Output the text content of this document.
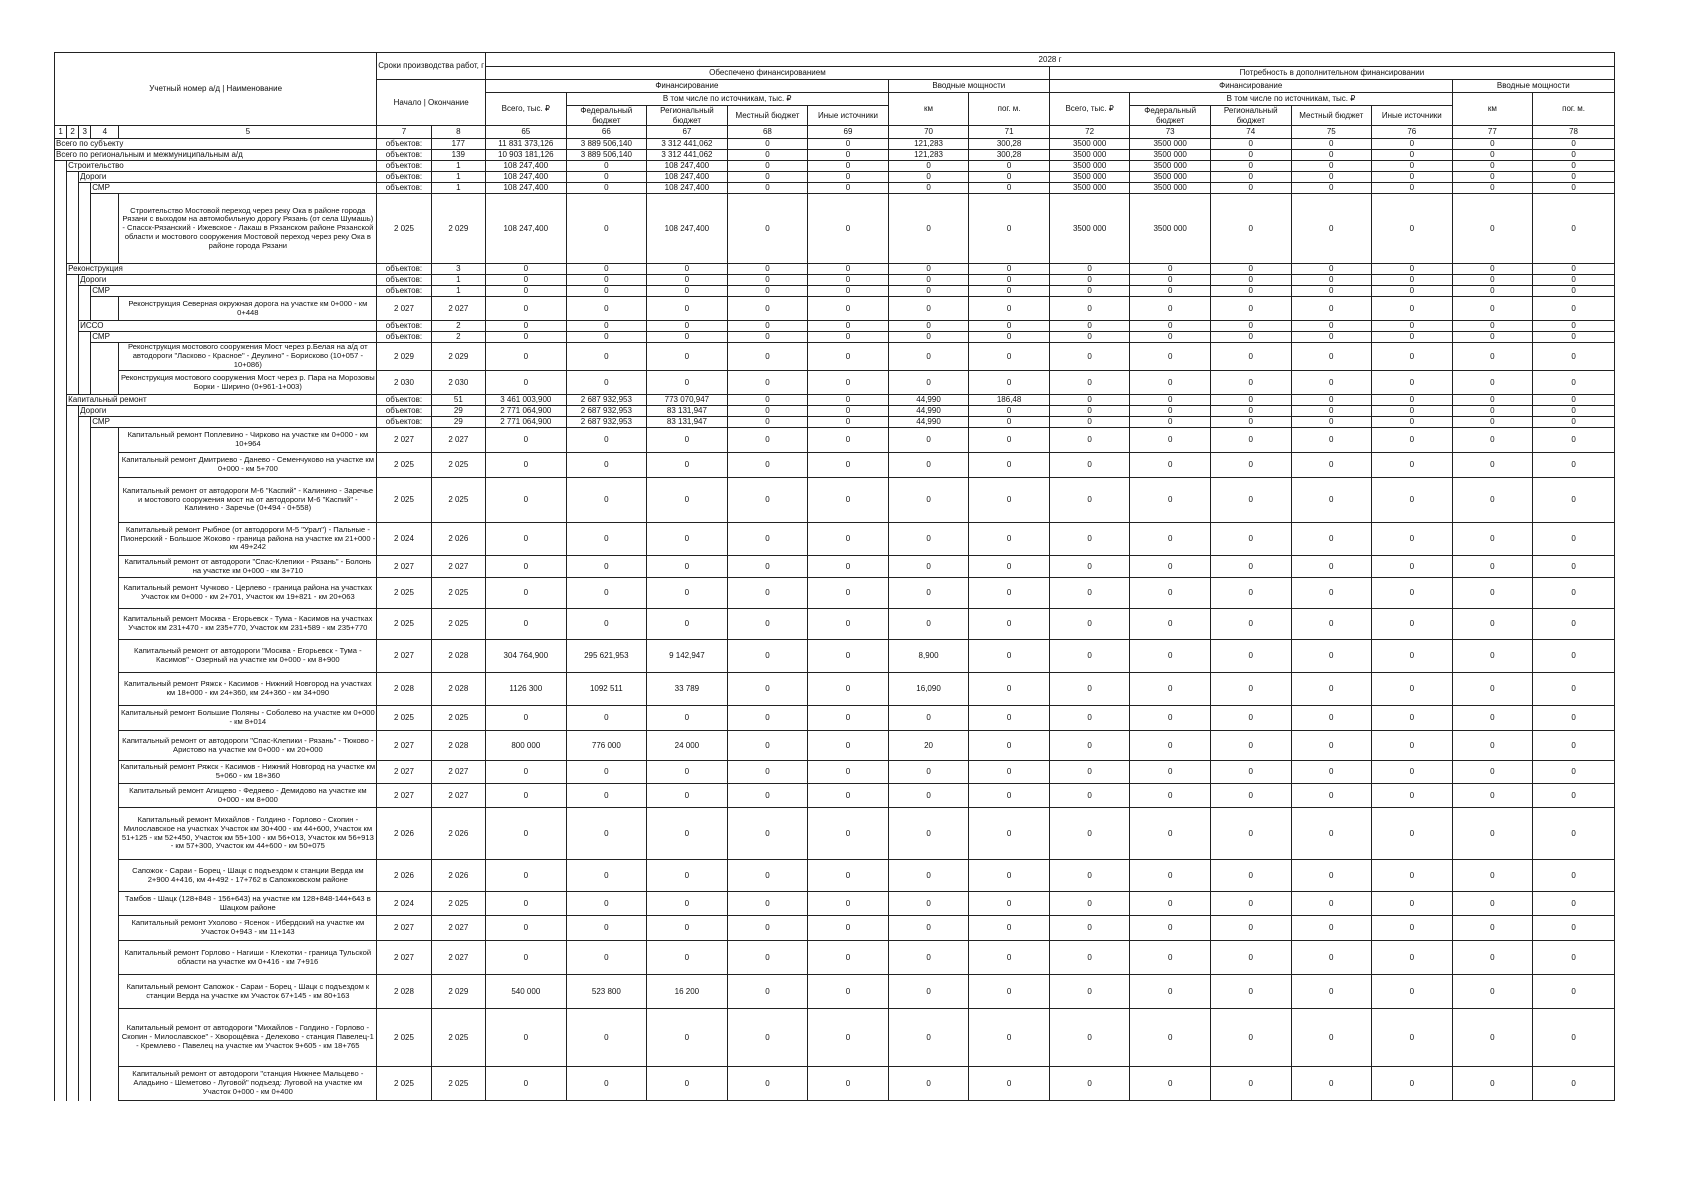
Учетный номер а/д | Наименование					Сроки производства работ, г		2028 г													
							Обеспечено финансированием							Потребность в дополнительном финансировании						
					Начало | Окончание		Финансирование					Вводные мощности		Финансирование					Вводные мощности	
							Всего, тыс. ₽	В том числе по источникам, тыс. ₽				км	пог. м.	Всего, тыс. ₽	В том числе по источникам, тыс. ₽				км	пог. м.
								Федеральный бюджет	Региональный бюджет	Местный бюджет	Иные источники				Федеральный бюджет	Региональный бюджет	Местный бюджет	Иные источники		
1	2	3	4	5	7	8	65	66	67	68	69	70	71	72	73	74	75	76	77	78
Всего по субъекту					объектов:	177	11 831 373,126	3 889 506,140	3 312 441,062	0	0	121,283	300,28	3500 000	3500 000	0	0	0	0	0
Всего по региональным и межмуниципальным а/д					объектов:	139	10 903 181,126	3 889 506,140	3 312 441,062	0	0	121,283	300,28	3500 000	3500 000	0	0	0	0	0
	Строительство				объектов:	1	108 247,400	0	108 247,400	0	0	0	0	3500 000	3500 000	0	0	0	0	0
		Дороги			объектов:	1	108 247,400	0	108 247,400	0	0	0	0	3500 000	3500 000	0	0	0	0	0
			СМР		объектов:	1	108 247,400	0	108 247,400	0	0	0	0	3500 000	3500 000	0	0	0	0	0
				Строительство Мостовой переход через реку Ока в районе города Рязани с выходом на автомобильную дорогу Рязань (от села Шумашь) - Спасск-Рязанский - Ижевское - Лакаш в Рязанском районе Рязанской области и мостового сооружения Мостовой переход через реку Ока в районе города Рязани	2 025	2 029	108 247,400	0	108 247,400	0	0	0	0	3500 000	3500 000	0	0	0	0	0
	Реконструкция				объектов:	3	0	0	0	0	0	0	0	0	0	0	0	0	0	0
		Дороги			объектов:	1	0	0	0	0	0	0	0	0	0	0	0	0	0	0
			СМР		объектов:	1	0	0	0	0	0	0	0	0	0	0	0	0	0	0
				Реконструкция Северная окружная дорога на участке км 0+000 - км 0+448	2 027	2 027	0	0	0	0	0	0	0	0	0	0	0	0	0	0
		ИССО			объектов:	2	0	0	0	0	0	0	0	0	0	0	0	0	0	0
			СМР		объектов:	2	0	0	0	0	0	0	0	0	0	0	0	0	0	0
				Реконструкция мостового сооружения Мост через р.Белая на а/д от автодороги "Ласково - Красное" - Деулино" - Борисково (10+057 - 10+086)	2 029	2 029	0	0	0	0	0	0	0	0	0	0	0	0	0	0
				Реконструкция мостового сооружения Мост через р. Пара на Морозовы Борки - Ширино (0+961-1+003)	2 030	2 030	0	0	0	0	0	0	0	0	0	0	0	0	0	0
	Капитальный ремонт				объектов:	51	3 461 003,900	2 687 932,953	773 070,947	0	0	44,990	186,48	0	0	0	0	0	0	0
		Дороги			объектов:	29	2 771 064,900	2 687 932,953	83 131,947	0	0	44,990	0	0	0	0	0	0	0	0
			СМР		объектов:	29	2 771 064,900	2 687 932,953	83 131,947	0	0	44,990	0	0	0	0	0	0	0	0
				Капитальный ремонт Поплевино - Чирково на участке км 0+000 - км 10+964	2 027	2 027	0	0	0	0	0	0	0	0	0	0	0	0	0	0
				Капитальный ремонт Дмитриево - Данево - Семенчуково на участке км 0+000 - км 5+700	2 025	2 025	0	0	0	0	0	0	0	0	0	0	0	0	0	0
				Капитальный ремонт от автодороги М-6 "Каспий" - Калинино - Заречье и мостового сооружения мост на от автодороги М-6 "Каспий" - Калинино - Заречье (0+494 - 0+558)	2 025	2 025	0	0	0	0	0	0	0	0	0	0	0	0	0	0
				Капитальный ремонт Рыбное (от автодороги М-5 "Урал") - Пальные - Пионерский - Большое Жоково - граница района на участке км 21+000 - км 49+242	2 024	2 026	0	0	0	0	0	0	0	0	0	0	0	0	0	0
				Капитальный ремонт от автодороги "Спас-Клепики - Рязань" - Болонь на участке км 0+000 - км 3+710	2 027	2 027	0	0	0	0	0	0	0	0	0	0	0	0	0	0
				Капитальный ремонт Чучково - Церлево - граница района на участках Участок км 0+000 - км 2+701, Участок км 19+821 - км 20+063	2 025	2 025	0	0	0	0	0	0	0	0	0	0	0	0	0	0
				Капитальный ремонт Москва - Егорьевск - Тума - Касимов на участках Участок км 231+470 - км 235+770, Участок км 231+589 - км 235+770	2 025	2 025	0	0	0	0	0	0	0	0	0	0	0	0	0	0
				Капитальный ремонт от автодороги "Москва - Егорьевск - Тума - Касимов" - Озерный на участке км 0+000 - км 8+900	2 027	2 028	304 764,900	295 621,953	9 142,947	0	0	8,900	0	0	0	0	0	0	0	0
				Капитальный ремонт Ряжск - Касимов - Нижний Новгород на участках км 18+000 - км 24+360, км 24+360 - км 34+090	2 028	2 028	1126 300	1092 511	33 789	0	0	16,090	0	0	0	0	0	0	0	0
				Капитальный ремонт Большие Поляны - Соболево на участке км 0+000 - км 8+014	2 025	2 025	0	0	0	0	0	0	0	0	0	0	0	0	0	0
				Капитальный ремонт от автодороги "Спас-Клепики - Рязань" - Тюково - Аристово на участке км 0+000 - км 20+000	2 027	2 028	800 000	776 000	24 000	0	0	20	0	0	0	0	0	0	0	0
				Капитальный ремонт Ряжск - Касимов - Нижний Новгород на участке км 5+060 - км 18+360	2 027	2 027	0	0	0	0	0	0	0	0	0	0	0	0	0	0
				Капитальный ремонт Агищево - Федяево - Демидово на участке км 0+000 - км 8+000	2 027	2 027	0	0	0	0	0	0	0	0	0	0	0	0	0	0
				Капитальный ремонт Михайлов - Голдино - Горлово - Скопин - Милославское на участках Участок км 30+400 - км 44+600, Участок км 51+125 - км 52+450, Участок км 55+100 - км 56+013, Участок км 56+913 - км 57+300, Участок км 44+600 - км 50+075	2 026	2 026	0	0	0	0	0	0	0	0	0	0	0	0	0	0
				Сапожок - Сараи - Борец - Шацк с подъездом к станции Верда км 2+900 4+416, км 4+492 - 17+762 в Сапожковском районе	2 026	2 026	0	0	0	0	0	0	0	0	0	0	0	0	0	0
				Тамбов - Шацк (128+848 - 156+643) на участке км 128+848-144+643 в Шацком районе	2 024	2 025	0	0	0	0	0	0	0	0	0	0	0	0	0	0
				Капитальный ремонт Ухолово - Ясенок - Ибердский на участке км Участок 0+943 - км 11+143	2 027	2 027	0	0	0	0	0	0	0	0	0	0	0	0	0	0
				Капитальный ремонт Горлово - Нагиши - Клекотки - граница Тульской области на участке км 0+416 - км 7+916	2 027	2 027	0	0	0	0	0	0	0	0	0	0	0	0	0	0
				Капитальный ремонт Сапожок - Сараи - Борец - Шацк с подъездом к станции Верда на участке км Участок 67+145 - км 80+163	2 028	2 029	540 000	523 800	16 200	0	0	0	0	0	0	0	0	0	0	0
				Капитальный ремонт от автодороги "Михайлов - Голдино - Горлово - Скопин - Милославское" - Хворощёвка - Делехово - станция Павелец-1 - Кремлево - Павелец на участке км Участок 9+605 - км 18+765	2 025	2 025	0	0	0	0	0	0	0	0	0	0	0	0	0	0
				Капитальный ремонт от автодороги "станция Нижнее Мальцево - Аладьино - Шеметово - Луговой" подъезд: Луговой на участке км Участок 0+000 - км 0+400	2 025	2 025	0	0	0	0	0	0	0	0	0	0	0	0	0	0
